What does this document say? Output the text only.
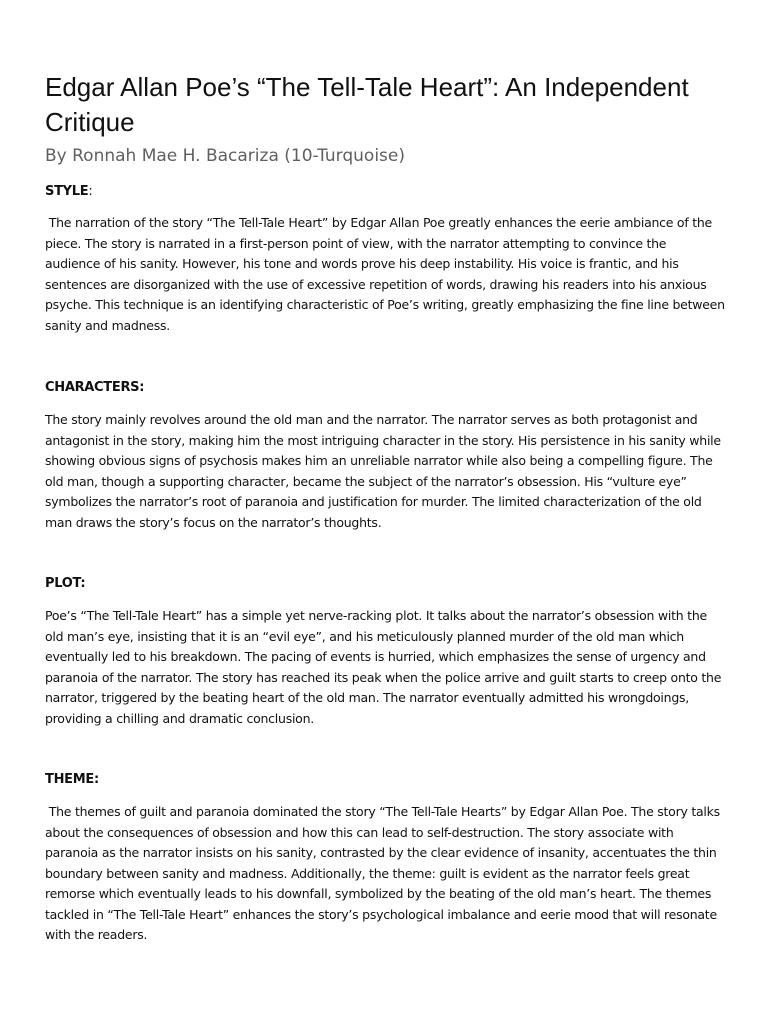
Edgar Allan Poe’s “The Tell-Tale Heart”: An Independent Critique

By Ronnah Mae H. Bacariza (10-Turquoise)

STYLE:

The narration of the story “The Tell-Tale Heart” by Edgar Allan Poe greatly enhances the eerie ambiance of the piece. The story is narrated in a first-person point of view, with the narrator attempting to convince the audience of his sanity. However, his tone and words prove his deep instability. His voice is frantic, and his sentences are disorganized with the use of excessive repetition of words, drawing his readers into his anxious psyche. This technique is an identifying characteristic of Poe’s writing, greatly emphasizing the fine line between sanity and madness.

CHARACTERS:

The story mainly revolves around the old man and the narrator. The narrator serves as both protagonist and antagonist in the story, making him the most intriguing character in the story. His persistence in his sanity while showing obvious signs of psychosis makes him an unreliable narrator while also being a compelling figure. The old man, though a supporting character, became the subject of the narrator’s obsession. His “vulture eye” symbolizes the narrator’s root of paranoia and justification for murder. The limited characterization of the old man draws the story’s focus on the narrator’s thoughts.

PLOT:

Poe’s “The Tell-Tale Heart” has a simple yet nerve-racking plot. It talks about the narrator’s obsession with the old man’s eye, insisting that it is an “evil eye”, and his meticulously planned murder of the old man which eventually led to his breakdown. The pacing of events is hurried, which emphasizes the sense of urgency and paranoia of the narrator. The story has reached its peak when the police arrive and guilt starts to creep onto the narrator, triggered by the beating heart of the old man. The narrator eventually admitted his wrongdoings, providing a chilling and dramatic conclusion.

THEME:

The themes of guilt and paranoia dominated the story “The Tell-Tale Hearts” by Edgar Allan Poe. The story talks about the consequences of obsession and how this can lead to self-destruction. The story associate with paranoia as the narrator insists on his sanity, contrasted by the clear evidence of insanity, accentuates the thin boundary between sanity and madness. Additionally, the theme: guilt is evident as the narrator feels great remorse which eventually leads to his downfall, symbolized by the beating of the old man’s heart. The themes tackled in “The Tell-Tale Heart” enhances the story’s psychological imbalance and eerie mood that will resonate with the readers.
